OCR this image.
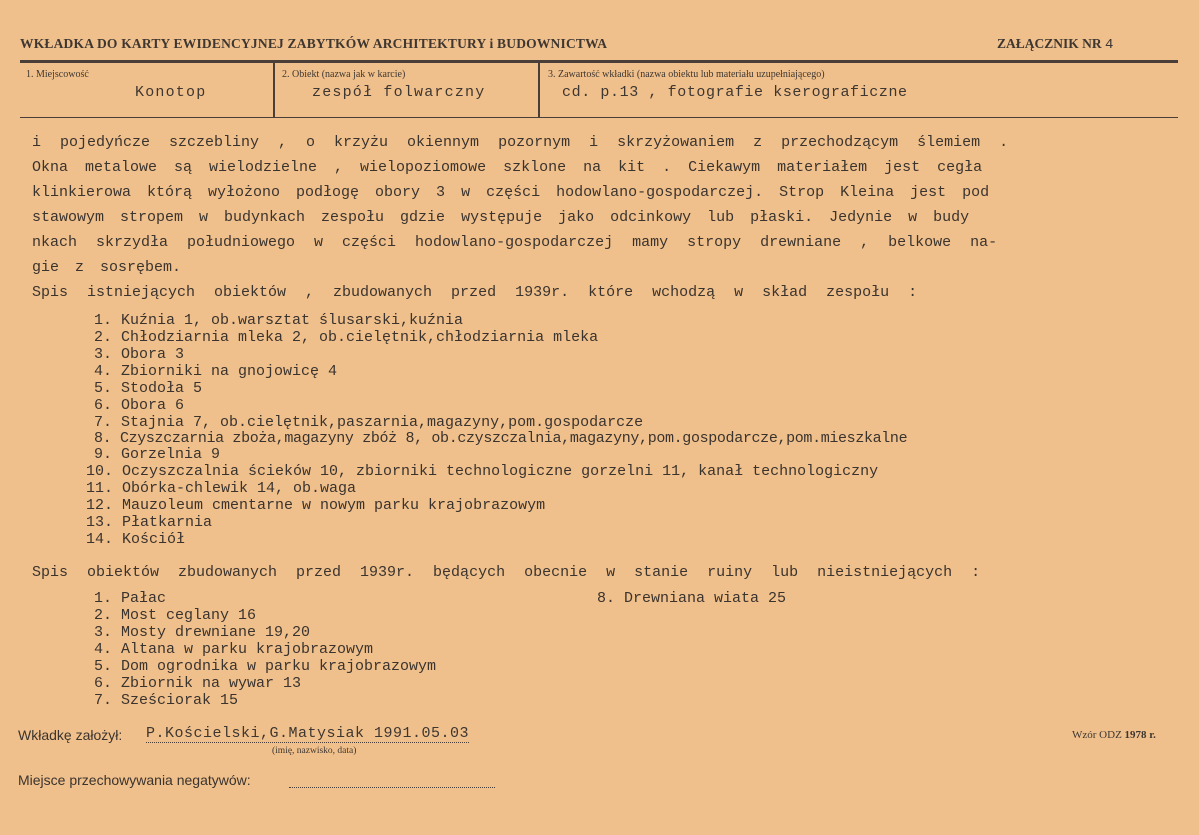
WKŁADKA DO KARTY EWIDENCYJNEJ ZABYTKÓW ARCHITEKTURY i BUDOWNICTWA	ZAŁĄCZNIK NR 4
1. Miejscowość
Konotop
2. Obiekt (nazwa jak w karcie)
zespół folwarczny
3. Zawartość wkładki (nazwa obiektu lub materiału uzupełniającego)
cd. p.13 , fotografie kserograficzne
i pojedyńcze szczebliny , o krzyżu okiennym pozornym i skrzyżowaniem z przechodzącym ślemiem .
Okna metalowe są wielodzielne , wielopoziomowe szklone na kit . Ciekawym materiałem jest cegła
klinkierowa którą wyłożono podłogę obory 3 w części hodowlano-gospodarczej. Strop Kleina jest pod
stawowym stropem w budynkach zespołu gdzie występuje jako odcinkowy lub płaski. Jedynie w budy
nkach skrzydła południowego w części hodowlano-gospodarczej mamy stropy drewniane , belkowe na-
gie z sosrębem.
Spis istniejących obiektów , zbudowanych przed 1939r. które wchodzą w skład zespołu :
1. Kuźnia 1, ob.warsztat ślusarski,kuźnia
2. Chłodziarnia mleka 2, ob.cielętnik,chłodziarnia mleka
3. Obora 3
4. Zbiorniki na gnojowicę 4
5. Stodoła 5
6. Obora 6
7. Stajnia 7, ob.cielętnik,paszarnia,magazyny,pom.gospodarcze
8. Czyszczarnia zboża,magazyny zbóż 8, ob.czyszczalnia,magazyny,pom.gospodarcze,pom.mieszkalne
9. Gorzelnia 9
10. Oczyszczalnia ścieków 10, zbiorniki technologiczne gorzelni 11, kanał technologiczny
11. Obórka-chlewik 14, ob.waga
12. Mauzoleum cmentarne w nowym parku krajobrazowym
13. Płatkarnia
14. Kościół
Spis obiektów zbudowanych przed 1939r. będących obecnie w stanie ruiny lub nieistniejących :
1. Pałac
2. Most ceglany 16
3. Mosty drewniane 19,20
4. Altana w parku krajobrazowym
5. Dom ogrodnika w parku krajobrazowym
6. Zbiornik na wywar 13
7. Sześciorak 15
8. Drewniana wiata 25
Wkładkę założył: P.Kościelski,G.Matysiak 1991.05.03
(imię, nazwisko, data)
Wzór ODZ 1978 r.
Miejsce przechowywania negatywów:
